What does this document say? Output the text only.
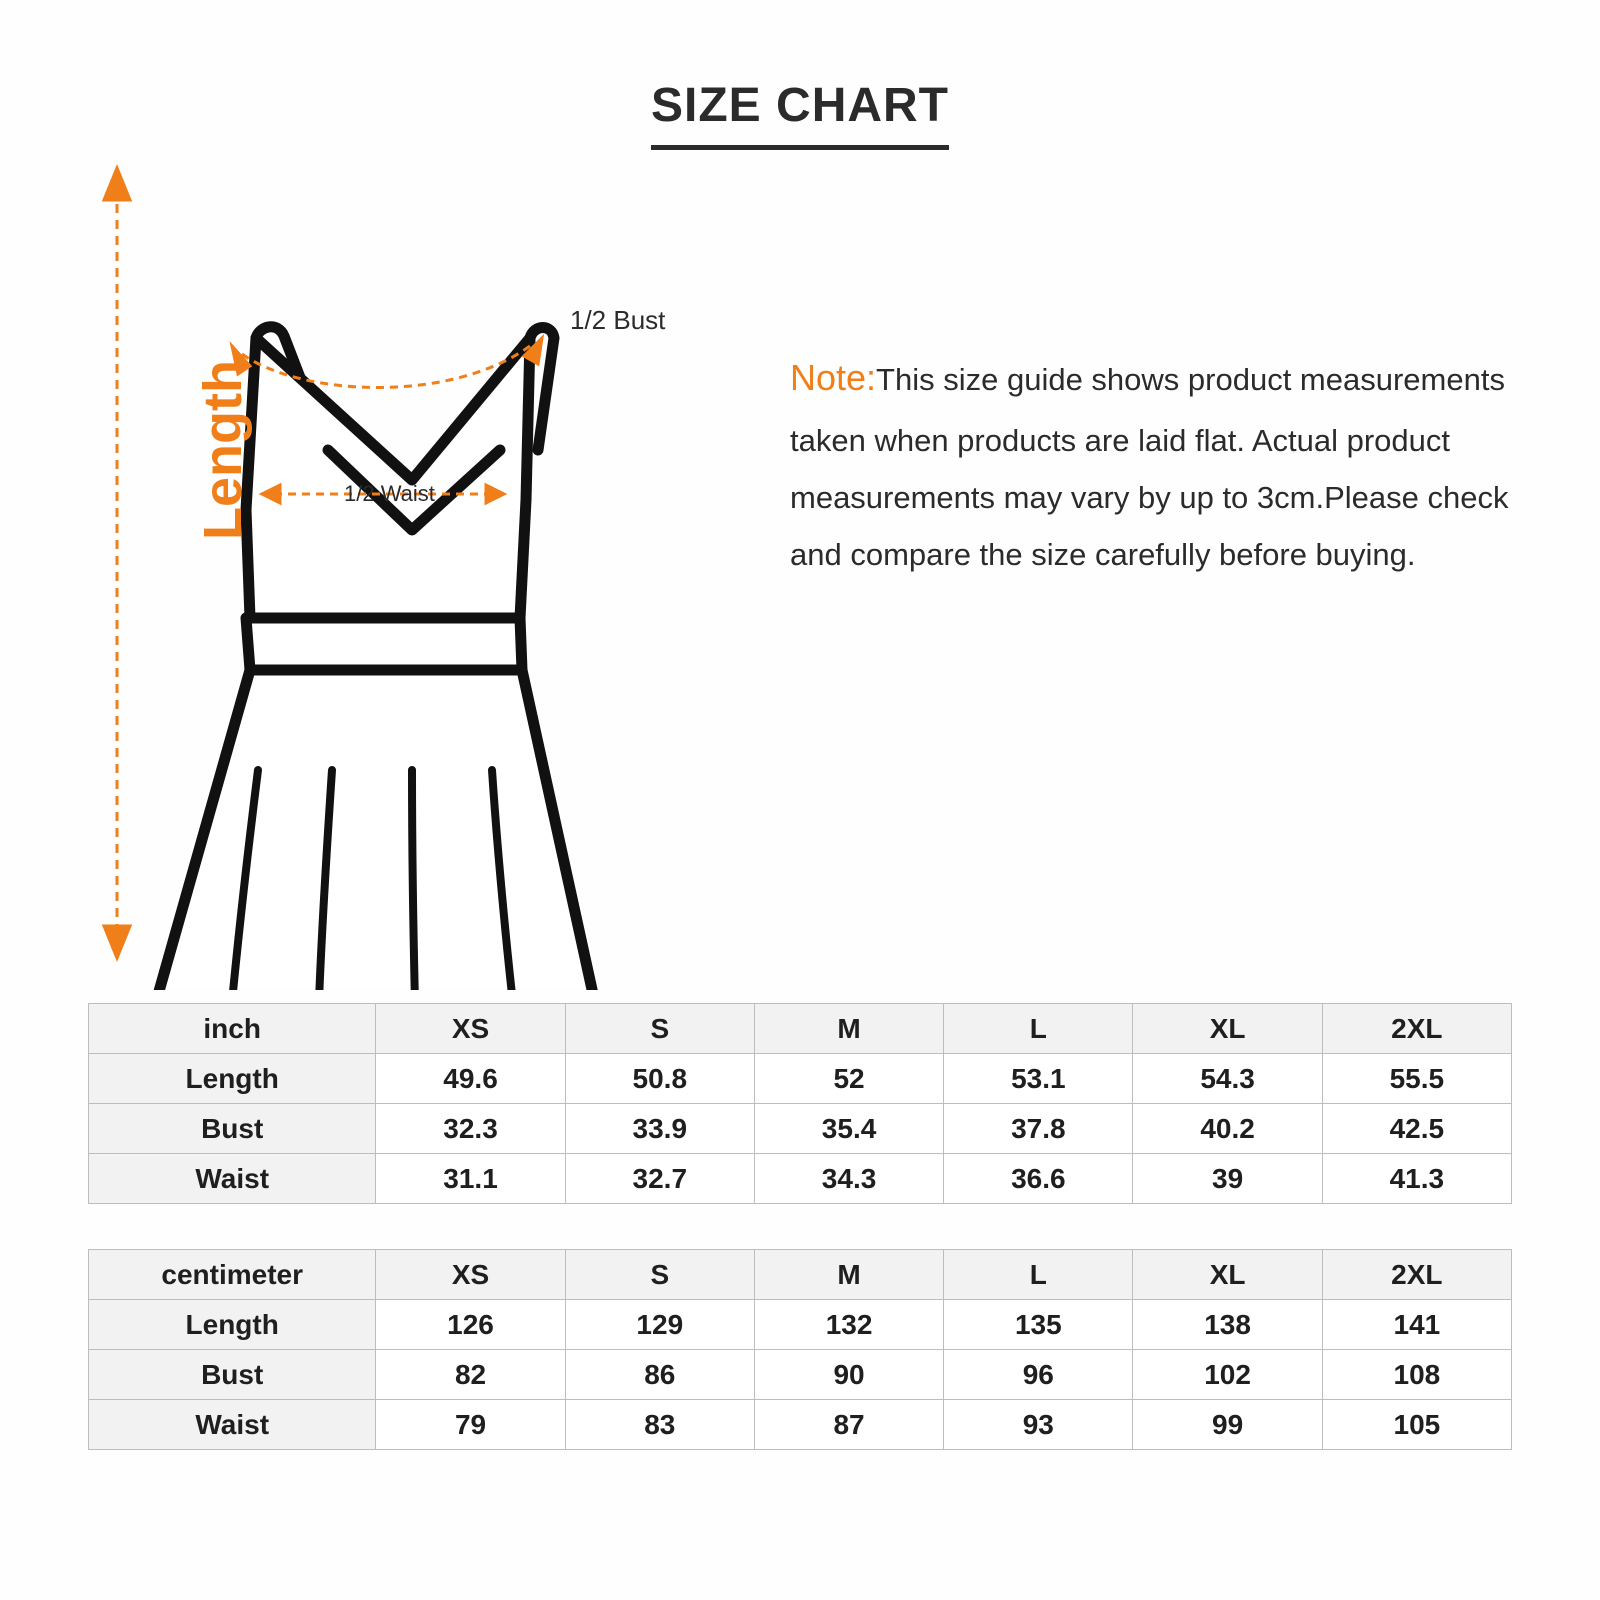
SIZE CHART
Length
1/2 Bust
1/2 Waist
Note:This size guide shows product measurements taken when products are laid flat. Actual product measurements may vary by up to 3cm.Please check and compare the size carefully before buying.
inch	XS	S	M	L	XL	2XL
Length	49.6	50.8	52	53.1	54.3	55.5
Bust	32.3	33.9	35.4	37.8	40.2	42.5
Waist	31.1	32.7	34.3	36.6	39	41.3
centimeter	XS	S	M	L	XL	2XL
Length	126	129	132	135	138	141
Bust	82	86	90	96	102	108
Waist	79	83	87	93	99	105
